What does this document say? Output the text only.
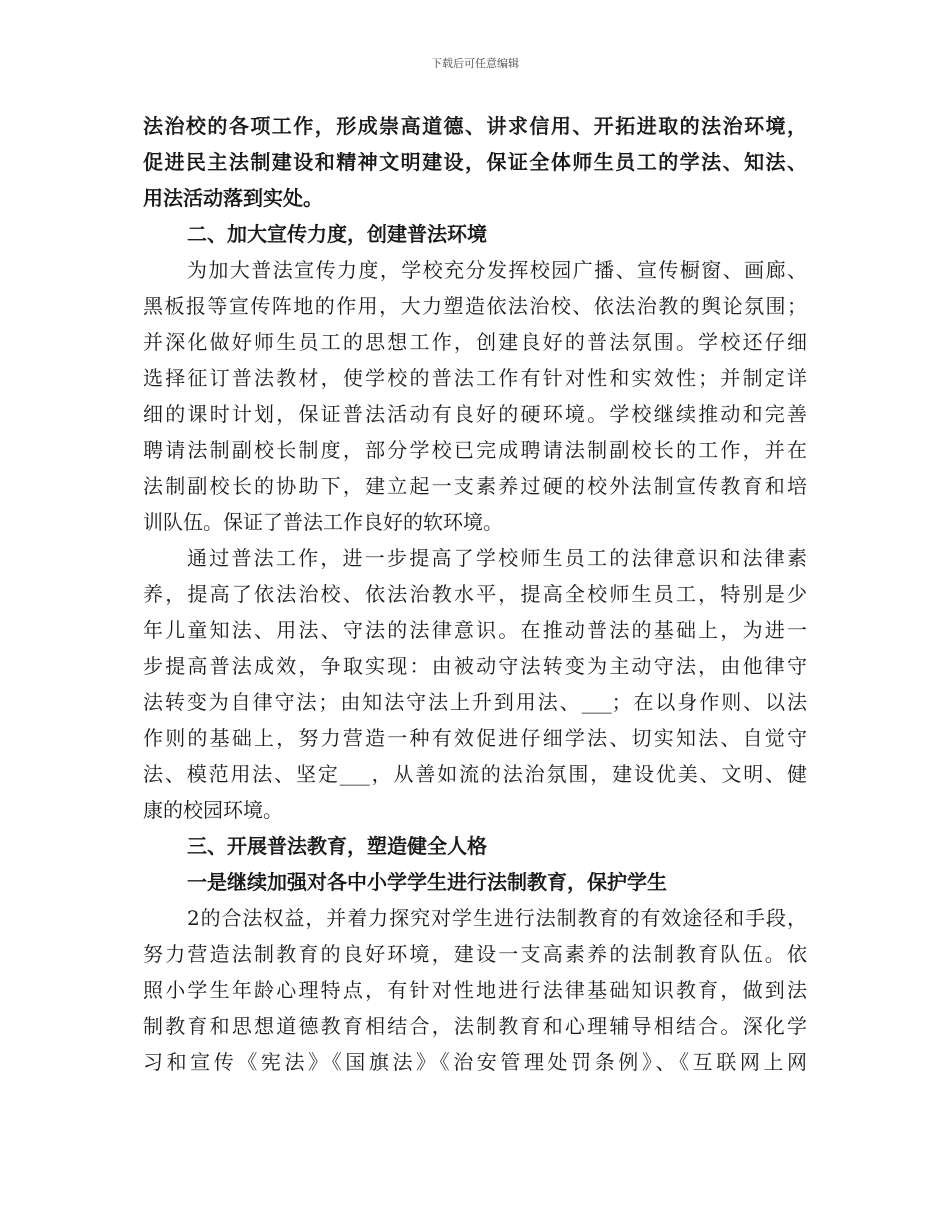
下载后可任意编辑
法治校的各项工作，形成崇高道德、讲求信用、开拓进取的法治环境，
促进民主法制建设和精神文明建设，保证全体师生员工的学法、知法、
用法活动落到实处。
二、加大宣传力度，创建普法环境
为加大普法宣传力度，学校充分发挥校园广播、宣传橱窗、画廊、
黑板报等宣传阵地的作用，大力塑造依法治校、依法治教的舆论氛围；
并深化做好师生员工的思想工作，创建良好的普法氛围。学校还仔细
选择征订普法教材，使学校的普法工作有针对性和实效性；并制定详
细的课时计划，保证普法活动有良好的硬环境。学校继续推动和完善
聘请法制副校长制度，部分学校已完成聘请法制副校长的工作，并在
法制副校长的协助下，建立起一支素养过硬的校外法制宣传教育和培
训队伍。保证了普法工作良好的软环境。
通过普法工作，进一步提高了学校师生员工的法律意识和法律素
养，提高了依法治校、依法治教水平，提高全校师生员工，特别是少
年儿童知法、用法、守法的法律意识。在推动普法的基础上，为进一
步提高普法成效，争取实现：由被动守法转变为主动守法，由他律守
法转变为自律守法；由知法守法上升到用法、___；在以身作则、以法
作则的基础上，努力营造一种有效促进仔细学法、切实知法、自觉守
法、模范用法、坚定___，从善如流的法治氛围，建设优美、文明、健
康的校园环境。
三、开展普法教育，塑造健全人格
一是继续加强对各中小学学生进行法制教育，保护学生
2的合法权益，并着力探究对学生进行法制教育的有效途径和手段，
努力营造法制教育的良好环境，建设一支高素养的法制教育队伍。依
照小学生年龄心理特点，有针对性地进行法律基础知识教育，做到法
制教育和思想道德教育相结合，法制教育和心理辅导相结合。深化学
习和宣传《宪法》《国旗法》《治安管理处罚条例》、《互联网上网
